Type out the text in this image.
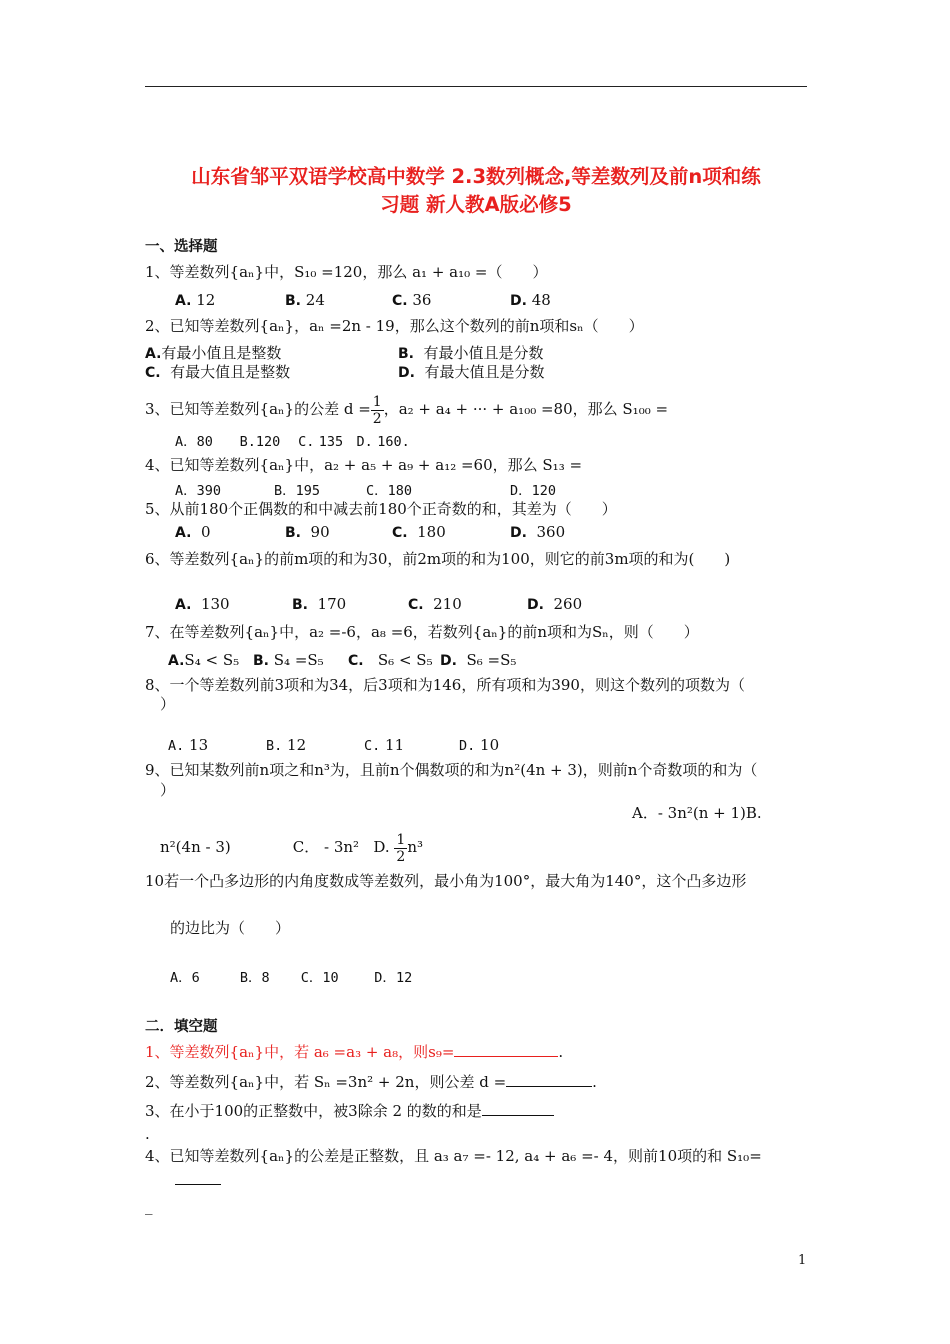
山东省邹平双语学校高中数学 2.3数列概念,等差数列及前n项和练
习题 新人教A版必修5
一、选择题
1、等差数列{aₙ}中，S₁₀ =120，那么 a₁ + a₁₀ =（　　）
A. 12	B. 24	C. 36	D. 48
2、已知等差数列{aₙ}，aₙ =2n - 19，那么这个数列的前n项和sₙ（　　）
A.有最小值且是整数	B. 有最小值且是分数
C. 有最大值且是整数	D. 有最大值且是分数
3、已知等差数列{aₙ}的公差 $d = \frac{1}{2}$ ，a₂ + a₄ + ··· + a₁₀₀ =80，那么 S₁₀₀ =
A．80 B.120 C. 135 D. 160.
4、已知等差数列{aₙ}中，a₂ + a₅ + a₉ + a₁₂ =60，那么 S₁₃ =
A．390	B．195	C．180	D．120
5、从前180个正偶数的和中减去前180个正奇数的和，其差为（　　）
A. 0	B. 90	C. 180	D. 360
6、等差数列{aₙ}的前m项的和为30，前2m项的和为100，则它的前3m项的和为(　　)
A. 130	B. 170	C. 210	D. 260
7、在等差数列{aₙ}中，a₂ =-6，a₈ =6，若数列{aₙ}的前n项和为Sₙ，则（　　）
A.S₄ < S₅ B. S₄ =S₅ C. S₆ < S₅ D. S₆ =S₅
8、一个等差数列前3项和为34，后3项和为146，所有项和为390，则这个数列的项数为（
）
A. 13	B. 12	C. 11	D. 10
9、已知某数列前n项之和n³为，且前n个偶数项的和为n²(4n + 3)，则前n个奇数项的和为（
）
A．- 3n²(n + 1)B.
n²(4n - 3)	C． - 3n² D. $\frac{1}{2} n^3$
10若一个凸多边形的内角度数成等差数列，最小角为100°，最大角为140°，这个凸多边形
的边比为（　　）
A．6	B．8 C．10	D．12
二．填空题
1、等差数列{aₙ}中，若 a₆ =a₃ + a₈，则s₉=	.
2、等差数列{aₙ}中，若 Sₙ =3n² + 2n，则公差 d =	.
3、在小于100的正整数中，被3除余 2 的数的和是
.
4、已知等差数列{aₙ}的公差是正整数，且 a₃ a₇ =- 12, a₄ + a₆ =- 4，则前10项的和 S₁₀=
_
1
